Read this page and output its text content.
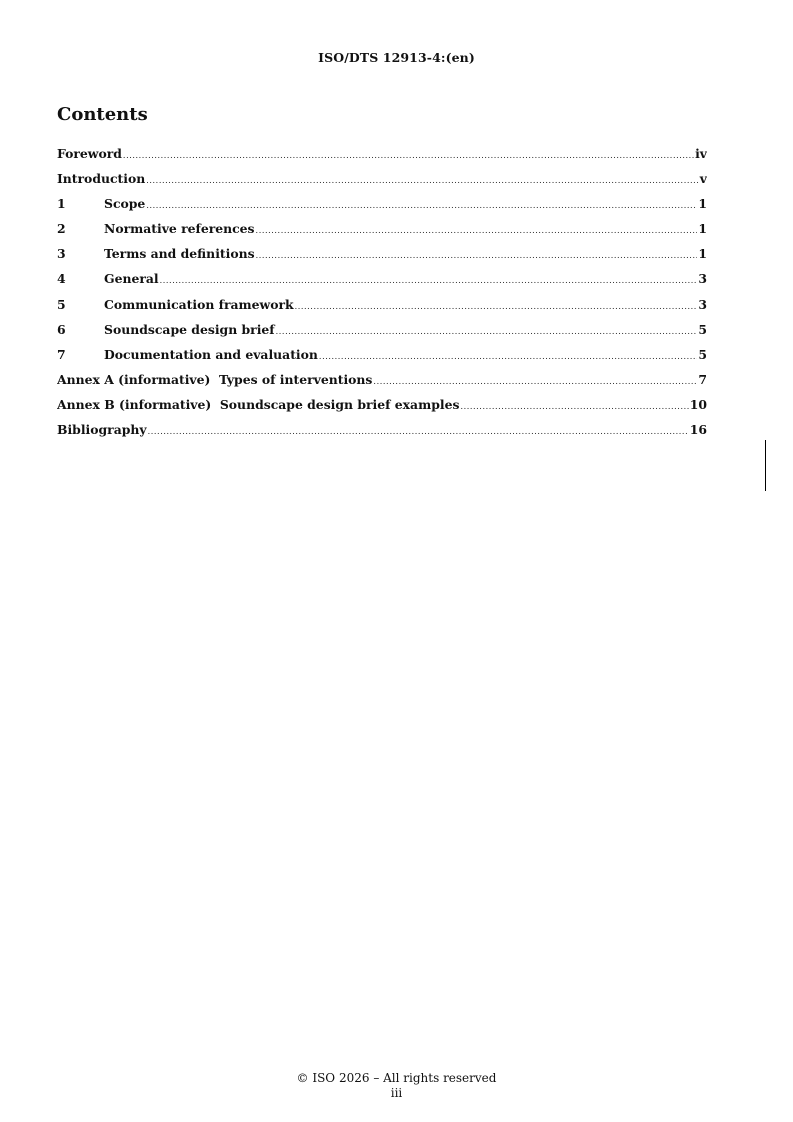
ISO/DTS 12913-4:(en)
Contents
Foreword .....	iv
Introduction .....	v
1	Scope .....	1
2	Normative references .....	1
3	Terms and definitions .....	1
4	General .....	3
5	Communication framework .....	3
6	Soundscape design brief .....	5
7	Documentation and evaluation .....	5
Annex A (informative)  Types of interventions .....	7
Annex B (informative)  Soundscape design brief examples .....	10
Bibliography .....	16
© ISO 2026 – All rights reserved
iii
